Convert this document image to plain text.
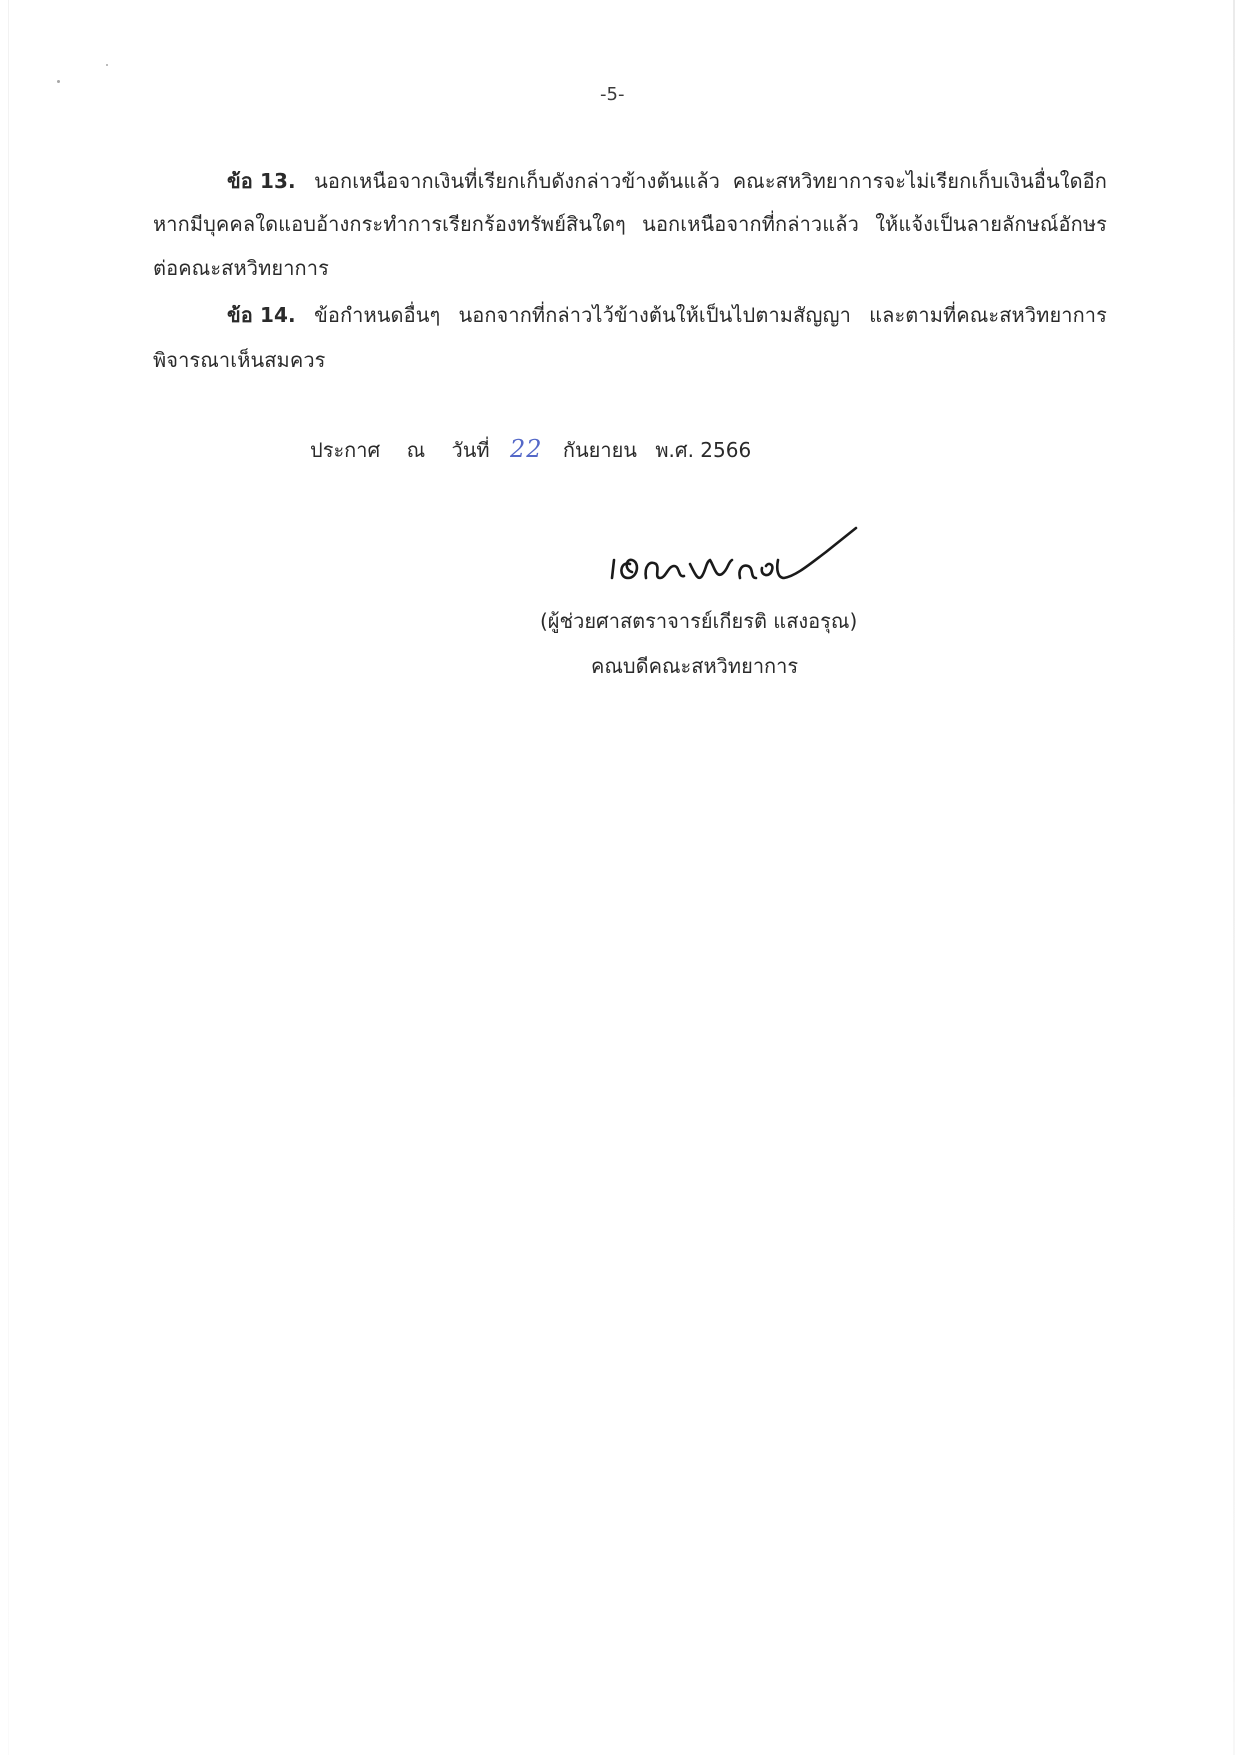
-5-
ข้อ 13. นอกเหนือจากเงินที่เรียกเก็บดังกล่าวข้างต้นแล้ว คณะสหวิทยาการจะไม่เรียกเก็บเงินอื่นใดอีก
หากมีบุคคลใดแอบอ้างกระทำการเรียกร้องทรัพย์สินใดๆ นอกเหนือจากที่กล่าวแล้ว ให้แจ้งเป็นลายลักษณ์อักษร
ต่อคณะสหวิทยาการ
ข้อ 14. ข้อกำหนดอื่นๆ นอกจากที่กล่าวไว้ข้างต้นให้เป็นไปตามสัญญา และตามที่คณะสหวิทยาการ
พิจารณาเห็นสมควร
ประกาศ ณ วันที่ 22 กันยายน พ.ศ. 2566
(ผู้ช่วยศาสตราจารย์เกียรติ แสงอรุณ)
คณบดีคณะสหวิทยาการ
